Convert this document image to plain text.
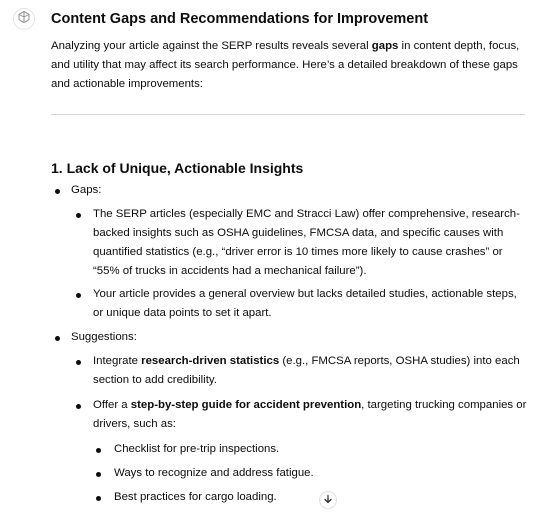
Content Gaps and Recommendations for Improvement

Analyzing your article against the SERP results reveals several gaps in content depth, focus, and utility that may affect its search performance. Here’s a detailed breakdown of these gaps and actionable improvements:

1. Lack of Unique, Actionable Insights
Gaps:
The SERP articles (especially EMC and Stracci Law) offer comprehensive, research-backed insights such as OSHA guidelines, FMCSA data, and specific causes with quantified statistics (e.g., “driver error is 10 times more likely to cause crashes” or “55% of trucks in accidents had a mechanical failure”).
Your article provides a general overview but lacks detailed studies, actionable steps, or unique data points to set it apart.
Suggestions:
Integrate research-driven statistics (e.g., FMCSA reports, OSHA studies) into each section to add credibility.
Offer a step-by-step guide for accident prevention, targeting trucking companies or drivers, such as:
Checklist for pre-trip inspections.
Ways to recognize and address fatigue.
Best practices for cargo loading.
